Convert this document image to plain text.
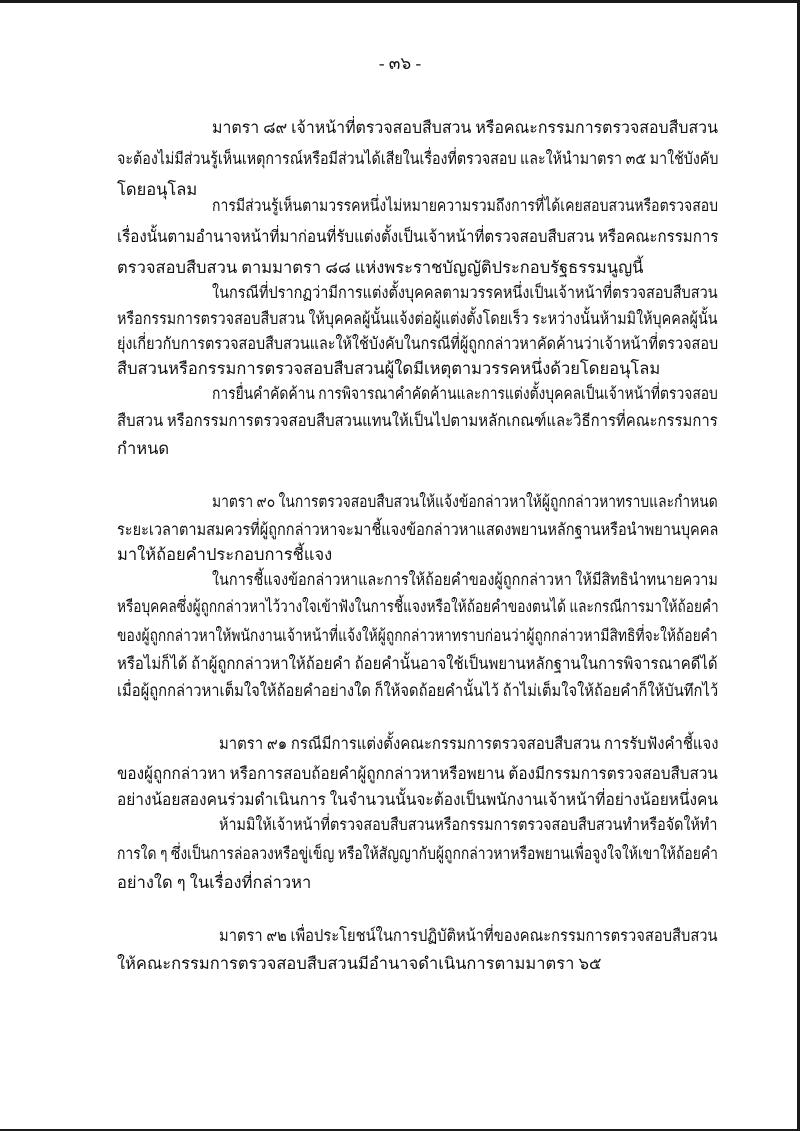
- ๓๖ -
มาตรา ๘๙ เจ้าหน้าที่ตรวจสอบสืบสวน หรือคณะกรรมการตรวจสอบสืบสวน
จะต้องไม่มีส่วนรู้เห็นเหตุการณ์หรือมีส่วนได้เสียในเรื่องที่ตรวจสอบ และให้นำมาตรา ๓๕ มาใช้บังคับ
โดยอนุโลม
การมีส่วนรู้เห็นตามวรรคหนึ่งไม่หมายความรวมถึงการที่ได้เคยสอบสวนหรือตรวจสอบ
เรื่องนั้นตามอำนาจหน้าที่มาก่อนที่รับแต่งตั้งเป็นเจ้าหน้าที่ตรวจสอบสืบสวน หรือคณะกรรมการ
ตรวจสอบสืบสวน ตามมาตรา ๘๘ แห่งพระราชบัญญัติประกอบรัฐธรรมนูญนี้
ในกรณีที่ปรากฏว่ามีการแต่งตั้งบุคคลตามวรรคหนึ่งเป็นเจ้าหน้าที่ตรวจสอบสืบสวน
หรือกรรมการตรวจสอบสืบสวน ให้บุคคลผู้นั้นแจ้งต่อผู้แต่งตั้งโดยเร็ว ระหว่างนั้นห้ามมิให้บุคคลผู้นั้น
ยุ่งเกี่ยวกับการตรวจสอบสืบสวนและให้ใช้บังคับในกรณีที่ผู้ถูกกล่าวหาคัดค้านว่าเจ้าหน้าที่ตรวจสอบ
สืบสวนหรือกรรมการตรวจสอบสืบสวนผู้ใดมีเหตุตามวรรคหนึ่งด้วยโดยอนุโลม
การยื่นคำคัดค้าน การพิจารณาคำคัดค้านและการแต่งตั้งบุคคลเป็นเจ้าหน้าที่ตรวจสอบ
สืบสวน หรือกรรมการตรวจสอบสืบสวนแทนให้เป็นไปตามหลักเกณฑ์และวิธีการที่คณะกรรมการ
กำหนด
มาตรา ๙๐ ในการตรวจสอบสืบสวนให้แจ้งข้อกล่าวหาให้ผู้ถูกกล่าวหาทราบและกำหนด
ระยะเวลาตามสมควรที่ผู้ถูกกล่าวหาจะมาชี้แจงข้อกล่าวหาแสดงพยานหลักฐานหรือนำพยานบุคคล
มาให้ถ้อยคำประกอบการชี้แจง
ในการชี้แจงข้อกล่าวหาและการให้ถ้อยคำของผู้ถูกกล่าวหา ให้มีสิทธินำทนายความ
หรือบุคคลซึ่งผู้ถูกกล่าวหาไว้วางใจเข้าฟังในการชี้แจงหรือให้ถ้อยคำของตนได้ และกรณีการมาให้ถ้อยคำ
ของผู้ถูกกล่าวหาให้พนักงานเจ้าหน้าที่แจ้งให้ผู้ถูกกล่าวหาทราบก่อนว่าผู้ถูกกล่าวหามีสิทธิที่จะให้ถ้อยคำ
หรือไม่ก็ได้ ถ้าผู้ถูกกล่าวหาให้ถ้อยคำ ถ้อยคำนั้นอาจใช้เป็นพยานหลักฐานในการพิจารณาคดีได้
เมื่อผู้ถูกกล่าวหาเต็มใจให้ถ้อยคำอย่างใด ก็ให้จดถ้อยคำนั้นไว้ ถ้าไม่เต็มใจให้ถ้อยคำก็ให้บันทึกไว้
มาตรา ๙๑ กรณีมีการแต่งตั้งคณะกรรมการตรวจสอบสืบสวน การรับฟังคำชี้แจง
ของผู้ถูกกล่าวหา หรือการสอบถ้อยคำผู้ถูกกล่าวหาหรือพยาน ต้องมีกรรมการตรวจสอบสืบสวน
อย่างน้อยสองคนร่วมดำเนินการ ในจำนวนนั้นจะต้องเป็นพนักงานเจ้าหน้าที่อย่างน้อยหนึ่งคน
ห้ามมิให้เจ้าหน้าที่ตรวจสอบสืบสวนหรือกรรมการตรวจสอบสืบสวนทำหรือจัดให้ทำ
การใด ๆ ซึ่งเป็นการล่อลวงหรือขู่เข็ญ หรือให้สัญญากับผู้ถูกกล่าวหาหรือพยานเพื่อจูงใจให้เขาให้ถ้อยคำ
อย่างใด ๆ ในเรื่องที่กล่าวหา
มาตรา ๙๒ เพื่อประโยชน์ในการปฏิบัติหน้าที่ของคณะกรรมการตรวจสอบสืบสวน
ให้คณะกรรมการตรวจสอบสืบสวนมีอำนาจดำเนินการตามมาตรา ๖๕
